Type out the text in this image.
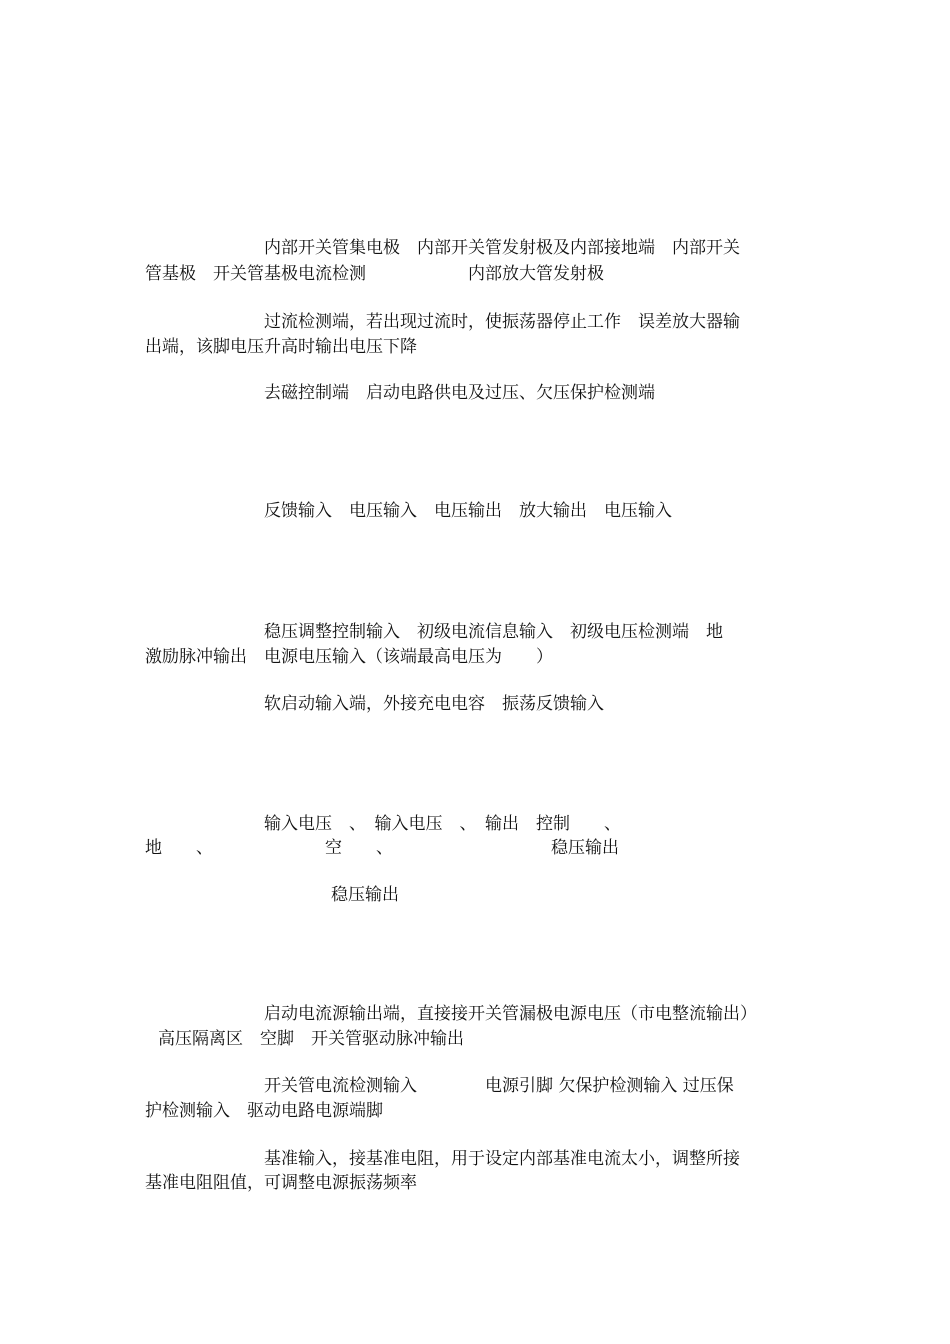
内部开关管集电极　内部开关管发射极及内部接地端　内部开关
管基极　开关管基极电流检测　　　　　　内部放大管发射极
过流检测端，若出现过流时，使振荡器停止工作　误差放大器输
出端，该脚电压升高时输出电压下降
去磁控制端　启动电路供电及过压、欠压保护检测端
反馈输入　电压输入　电压输出　放大输出　电压输入
稳压调整控制输入　初级电流信息输入　初级电压检测端　地
激励脉冲输出　电源电压输入（该端最高电压为　　）
软启动输入端，外接充电电容　振荡反馈输入
输入电压　、　输入电压　、　输出　控制　　、
地　　、	空　　、	稳压输出
稳压输出
启动电流源输出端，直接接开关管漏极电源电压（市电整流输出）
高压隔离区　空脚　开关管驱动脉冲输出
开关管电流检测输入　　　　电源引脚 欠保护检测输入 过压保
护检测输入　驱动电路电源端脚
基准输入，接基准电阻，用于设定内部基准电流太小，调整所接
基准电阻阻值，可调整电源振荡频率
